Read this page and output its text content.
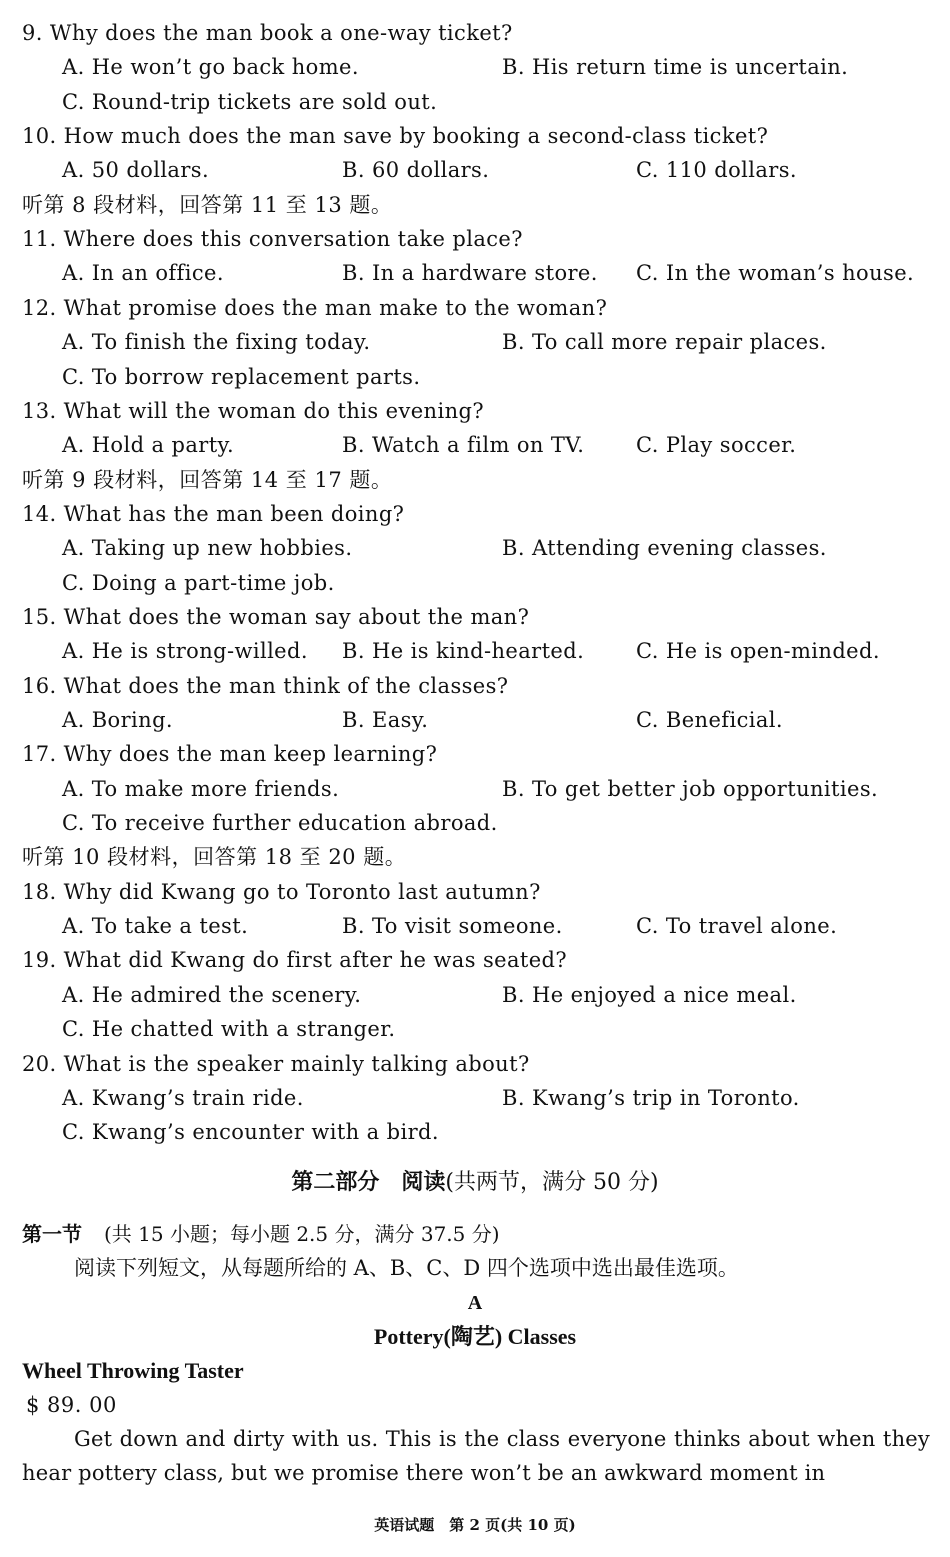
9. Why does the man book a one-way ticket?
A. He won’t go back home.	B. His return time is uncertain.
C. Round-trip tickets are sold out.
10. How much does the man save by booking a second-class ticket?
A. 50 dollars.	B. 60 dollars.	C. 110 dollars.
听第 8 段材料，回答第 11 至 13 题。
11. Where does this conversation take place?
A. In an office.	B. In a hardware store. C. In the woman’s house.
12. What promise does the man make to the woman?
A. To finish the fixing today.	B. To call more repair places.
C. To borrow replacement parts.
13. What will the woman do this evening?
A. Hold a party.	B. Watch a film on TV. C. Play soccer.
听第 9 段材料，回答第 14 至 17 题。
14. What has the man been doing?
A. Taking up new hobbies.	B. Attending evening classes.
C. Doing a part-time job.
15. What does the woman say about the man?
A. He is strong-willed. B. He is kind-hearted. C. He is open-minded.
16. What does the man think of the classes?
A. Boring.	B. Easy.	C. Beneficial.
17. Why does the man keep learning?
A. To make more friends.	B. To get better job opportunities.
C. To receive further education abroad.
听第 10 段材料，回答第 18 至 20 题。
18. Why did Kwang go to Toronto last autumn?
A. To take a test.	B. To visit someone.	C. To travel alone.
19. What did Kwang do first after he was seated?
A. He admired the scenery.	B. He enjoyed a nice meal.
C. He chatted with a stranger.
20. What is the speaker mainly talking about?
A. Kwang’s train ride.	B. Kwang’s trip in Toronto.
C. Kwang’s encounter with a bird.
第二部分　阅读(共两节，满分 50 分)
第一节 (共 15 小题；每小题 2.5 分，满分 37.5 分)
阅读下列短文，从每题所给的 A、B、C、D 四个选项中选出最佳选项。
A
Pottery(陶艺) Classes
Wheel Throwing Taster
$ 89. 00
Get down and dirty with us. This is the class everyone thinks about when they hear pottery class, but we promise there won’t be an awkward moment in
英语试题　第 2 页(共 10 页)
